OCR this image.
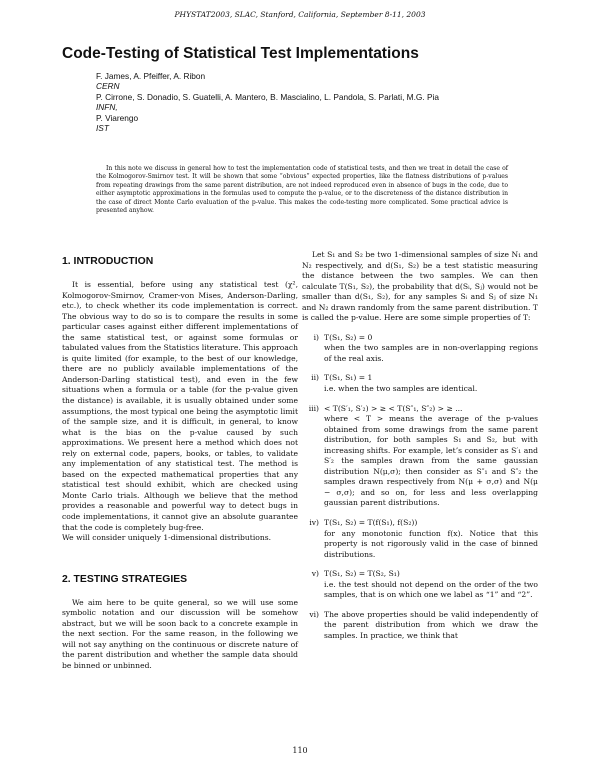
PHYSTAT2003, SLAC, Stanford, California, September 8-11, 2003
Code-Testing of Statistical Test Implementations
F. James, A. Pfeiffer, A. Ribon
CERN
P. Cirrone, S. Donadio, S. Guatelli, A. Mantero, B. Mascialino, L. Pandola, S. Parlati, M.G. Pia
INFN,
P. Viarengo
IST

In this note we discuss in general how to test the implementation code of statistical tests, and then we treat in detail the case of the Kolmogorov-Smirnov test. It will be shown that some “obvious” expected properties, like the flatness distributions of p-values from repeating drawings from the same parent distribution, are not indeed reproduced even in absence of bugs in the code, due to either asymptotic approximations in the formulas used to compute the p-value, or to the discreteness of the distance distribution in the case of direct Monte Carlo evaluation of the p-value. This makes the code-testing more complicated. Some practical advice is presented anyhow.

1. INTRODUCTION

It is essential, before using any statistical test (χ², Kolmogorov-Smirnov, Cramer-von Mises, Anderson-Darling, etc.), to check whether its code implementation is correct. The obvious way to do so is to compare the results in some particular cases against either different implementations of the same statistical test, or against some formulas or tabulated values from the Statistics literature. This approach is quite limited (for example, to the best of our knowledge, there are no publicly available implementations of the Anderson-Darling statistical test), and even in the few situations when a formula or a table (for the p-value given the distance) is available, it is usually obtained under some assumptions, the most typical one being the asymptotic limit of the sample size, and it is difficult, in general, to know what is the bias on the p-value caused by such approximations. We present here a method which does not rely on external code, papers, books, or tables, to validate any implementation of any statistical test. The method is based on the expected mathematical properties that any statistical test should exhibit, which are checked using Monte Carlo trials. Although we believe that the method provides a reasonable and powerful way to detect bugs in code implementations, it cannot give an absolute guarantee that the code is completely bug-free.

We will consider uniquely 1-dimensional distributions.

2. TESTING STRATEGIES

We aim here to be quite general, so we will use some symbolic notation and our discussion will be somehow abstract, but we will be soon back to a concrete example in the next section. For the same reason, in the following we will not say anything on the continuous or discrete nature of the parent distribution and whether the sample data should be binned or unbinned.

Let S₁ and S₂ be two 1-dimensional samples of size N₁ and N₂ respectively, and d(S₁, S₂) be a test statistic measuring the distance between the two samples. We can then calculate T(S₁, S₂), the probability that d(Sᵢ, Sⱼ) would not be smaller than d(S₁, S₂), for any samples Sᵢ and Sⱼ of size N₁ and N₂ drawn randomly from the same parent distribution. T is called the p-value. Here are some simple properties of T:

i) T(S₁, S₂) = 0
when the two samples are in non-overlapping regions of the real axis.
ii) T(S₁, S₁) = 1
i.e. when the two samples are identical.
iii) < T(S′₁, S′₂) > ≥ < T(S″₁, S″₂) > ≥ ...
where < T > means the average of the p-values obtained from some drawings from the same parent distribution, for both samples S₁ and S₂, but with increasing shifts. For example, let’s consider as S′₁ and S′₂ the samples drawn from the same gaussian distribution N(μ,σ); then consider as S″₁ and S″₂ the samples drawn respectively from N(μ + σ,σ) and N(μ − σ,σ); and so on, for less and less overlapping gaussian parent distributions.
iv) T(S₁, S₂) = T(f(S₁), f(S₂))
for any monotonic function f(x). Notice that this property is not rigorously valid in the case of binned distributions.
v) T(S₁, S₂) = T(S₂, S₁)
i.e. the test should not depend on the order of the two samples, that is on which one we label as “1” and “2”.
vi) The above properties should be valid independently of the parent distribution from which we draw the samples. In practice, we think that
110
